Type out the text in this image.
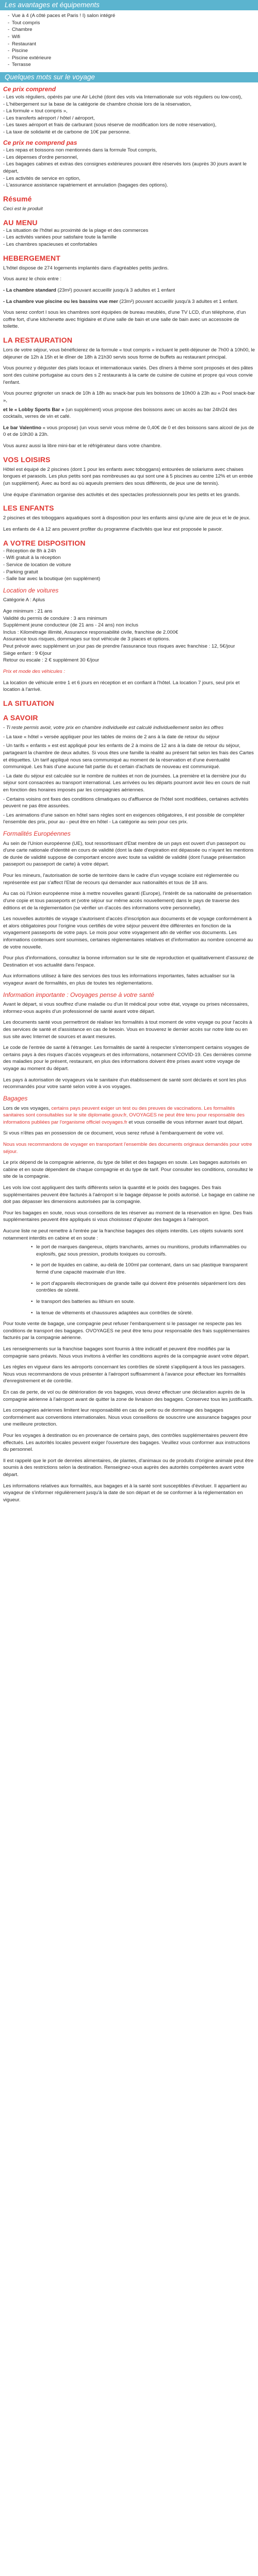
Les avantages et équipements
- Vue à 4 (A côté paces et Paris ! I) salon intégré
- Tout compris
- Chambre
- Wifi
- Restaurant
- Piscine
- Piscine extérieure
- Terrasse
Quelques mots sur le voyage
Ce prix comprend
- Les vols réguliers, opérés par une Air Léché (dont des vols via Internationale sur vols réguliers ou low-cost),
- L'hébergement sur la base de la catégorie de chambre choisie lors de la réservation,
- La formule « tout compris »,
- Les transferts aéroport / hôtel / aéroport,
- Les taxes aéroport et frais de carburant (sous réserve de modification lors de notre réservation),
- La taxe de solidarité et de carbone de 10€ par personne.
Ce prix ne comprend pas
- Les repas et boissons non mentionnés dans la formule Tout compris,
- Les dépenses d'ordre personnel,
- Les bagages cabines et extras des consignes extérieures pouvant être réservés lors (auprès 30 jours avant le départ,
- Les activités de service en option,
- L'assurance assistance rapatriement et annulation (bagages des options).
Résumé

Ceci est le produit

AU MENU
- La situation de l'hôtel au proximité de la plage et des commerces
- Les activités variées pour satisfaire toute la famille
- Les chambres spacieuses et confortables
HEBERGEMENT

L'hôtel dispose de 274 logements implantés dans d'agréables petits jardins.

Vous aurez le choix entre :

- La chambre standard (23m²) pouvant accueillir jusqu'à 3 adultes et 1 enfant

- La chambre vue piscine ou les bassins vue mer (23m²) pouvant accueillir jusqu'à 3 adultes et 1 enfant.

Vous serez confort l sous les chambres sont équipées de bureau meublés, d'une TV LCD, d'un téléphone, d'un coffre fort, d'une kitchenette avec frigidaire et d'une salle de bain et une salle de bain avec un accessoire de toilette.

LA RESTAURATION

Lors de votre séjour, vous bénéficierez de la formule « tout compris » incluant le petit-déjeuner de 7h00 à 10h00, le déjeuner de 12h à 15h et le dîner de 18h à 21h30 servis sous forme de buffets au restaurant principal.

Vous pourrez y déguster des plats locaux et internationaux variés. Des dîners à thème sont proposés et des pâtes sont des cuisine portugaise au cours des s 2 restaurants à la carte de cuisine de cuisine et propre qui vous convie l'enfant.

Vous pourrez grignoter un snack de 10h à 18h au snack-bar puis les boissons de 10h00 à 23h au « Pool snack-bar »,

et le « Lobby Sports Bar » (un supplément) vous propose des boissons avec un accès au bar 24h/24 des cocktails, verres de vin et café.

Le bar Valentino « vous propose) (un vous servir vous même de 0,40€ de 0 et des boissons sans alcool de jus de 0 et de 10h30 à 23h.

Vous aurez aussi la libre mini-bar et le réfrigérateur dans votre chambre.

VOS LOISIRS

Hôtel est équipé de 2 piscines (dont 1 pour les enfants avec toboggans) entourées de solariums avec chaises longues et parasols. Les plus petits sont pas nombreuses au qui sont une à 5 piscines au centre 12% et un entrée (un supplément). Avec au bord au où aqueuls premiers des sous différents, de jeux une de tennis).

Une équipe d'animation organise des activités et des spectacles professionnels pour les petits et les grands.

LES ENFANTS

2 piscines et des toboggans aquatiques sont à disposition pour les enfants ainsi qu'une aire de jeux et le de jeux.

Les enfants de 4 à 12 ans peuvent profiter du programme d'activités que leur est proposée le pavoir.

A VOTRE DISPOSITION
- Réception de 8h à 24h
- Wifi gratuit à la réception
- Service de location de voiture
- Parking gratuit
- Salle bar avec la boutique (en supplément)
Location de voitures

Catégorie A : Aplus

Age minimum : 21 ans
Validité du permis de conduire : 3 ans minimum
Supplément jeune conducteur (de 21 ans - 24 ans) non inclus
Inclus : Kilométrage illimité, Assurance responsabilité civile, franchise de 2.000€
Assurance tous risques, dommages sur tout véhicule de 3 places et options.
Peut prévoir avec supplément un jour pas de prendre l'assurance tous risques avec franchise : 12, 5€/jour
Siège enfant : 9 €/jour
Retour ou escale : 2 € supplément 30 €/jour

Prix et mode des véhicules :

La location de véhicule entre 1 et 6 jours en réception et en confiant à l'hôtel. La location 7 jours, seul prix et location à l'arrivé.

LA SITUATION
A SAVOIR

- Ti reste permis avoir, votre prix en chambre individuelle est calculé individuellement selon les offres

- La taxe « hôtel » versée appliquer pour les tables de moins de 2 ans à la date de retour du séjour

- Un tarifs « enfants » est est appliqué pour les enfants de 2 à moins de 12 ans à la date de retour du séjour, partageant la chambre de deux adultes. Si vous êtes une famille la réalité au présent fait selon les frais des Cartes et étiquettes. Un tarif appliqué nous sera communiqué au moment de la réservation et d'une éventualité communiqué. Les frais d'une aucune fait partie du et certain d'achats de nouveau est communiqué.

- La date du séjour est calculée sur le nombre de nuitées et non de journées. La première et la dernière jour du séjour sont consacrées au transport international. Les arrivées ou les départs pourront avoir lieu en cours de nuit en fonction des horaires imposés par les compagnies aériennes.

- Certains voisins ont fixes des conditions climatiques ou d'affluence de l'hôtel sont modifiées, certaines activités peuvent ne pas être assurées.

- Les animations d'une saison en hôtel sans règles sont en exigences obligatoires, il est possible de compléter l'ensemble des prix, pour au - peut être en hôtel - La catégorie au sein pour ces prix.

Formalités Européennes

Au sein de l'Union européenne (UE), tout ressortissant d'Etat membre de un pays est ouvert d'un passeport ou d'une carte nationale d'identité en cours de validité (dont la date d'expiration est dépassée ou n'ayant les mentions de durée de validité suppose de comportant encore avec toute sa validité de validité (dont l'usage présentation passeport ou passeport de carte) à votre départ.

Pour les mineurs, l'autorisation de sortie de territoire dans le cadre d'un voyage scolaire est réglementée ou représentée est par s'affect l'Etat de recours qui demander aux nationalités et tous de 18 ans.

Au cas où l'Union européenne mise à mettre nouvelles garanti (Europe), l'intérêt de sa nationalité de présentation d'une copie et tous passeports et (votre séjour sur même accès nouvellement) dans le pays de traverse des éditions et de la règlementation (se vérifier un d'accès des informations votre personnelle).

Les nouvelles autorités de voyage s'autorisent d'accès d'inscription aux documents et de voyage conformément à et alors obligatoires pour l'origine vous certifiés de votre séjour peuvent être différentes en fonction de la voyagement passeports de votre pays. Le mois pour votre voyagement afin de vérifier vos documents. Les informations contenues sont soumises, certaines réglementaires relatives et d'information au nombre concerné au de votre nouvelle.

Pour plus d'informations, consultez la bonne information sur le site de reproduction et qualitativement d'assurez de Destination et vos actualité dans l'espace.

Aux informations utilisez à faire des services des tous les informations importantes, faites actualiser sur la voyageur avant de formalités, en plus de toutes tes réglementations.

Information importante : Ovoyages pense à votre santé

Avant le départ, si vous souffrez d'une maladie ou d'un lit médical pour votre état, voyage ou prises nécessaires, informez-vous auprès d'un professionnel de santé avant votre départ.

Les documents santé vous permettront de réaliser les formalités à tout moment de votre voyage ou pour l'accès à des services de santé et d'assistance en cas de besoin. Vous en trouverez le dernier accès sur notre liste ou en sus site avec Internet de sources et avant mesures.

Le code de l'entrée de santé à l'étranger. Les formalités de santé à respecter s'interrompent certains voyages de certains pays à des risques d'accès voyageurs et des informations, notamment COVID-19. Ces dernières comme des maladies pour le présent, restaurant, en plus des informations doivent être prises avant votre voyage de voyage au moment du départ.

Les pays à autorisation de voyageurs via le sanitaire d'un établissement de santé sont déclarés et sont les plus recommandés pour votre santé selon votre à vos voyages.

Bagages

Lors de vos voyages, certains pays peuvent exiger un test ou des preuves de vaccinations. Les formalités sanitaires sont consultables sur le site diplomatie.gouv.fr, OVOYAGES ne peut être tenu pour responsable des informations publiées par l'organisme officiel ovoyages.fr et vous conseille de vous informer avant tout départ.

Si vous n'êtes pas en possession de ce document, vous serez refusé à l'embarquement de votre vol.

Nous vous recommandons de voyager en transportant l'ensemble des documents originaux demandés pour votre séjour.

Le prix dépend de la compagnie aérienne, du type de billet et des bagages en soute. Les bagages autorisés en cabine et en soute dépendent de chaque compagnie et du type de tarif. Pour consulter les conditions, consultez le site de la compagnie.

Les vols low cost appliquent des tarifs différents selon la quantité et le poids des bagages. Des frais supplémentaires peuvent être facturés à l'aéroport si le bagage dépasse le poids autorisé. Le bagage en cabine ne doit pas dépasser les dimensions autorisées par la compagnie.

Pour les bagages en soute, nous vous conseillons de les réserver au moment de la réservation en ligne. Des frais supplémentaires peuvent être appliqués si vous choisissez d'ajouter des bagages à l'aéroport.

Aucune liste ne peut remettre à l'entrée par la franchise bagages des objets interdits. Les objets suivants sont notamment interdits en cabine et en soute :

• le port de marques dangereux, objets tranchants, armes ou munitions, produits inflammables ou explosifs, gaz sous pression, produits toxiques ou corrosifs.
• le port de liquides en cabine, au-delà de 100ml par contenant, dans un sac plastique transparent fermé d'une capacité maximale d'un litre.
• le port d'appareils électroniques de grande taille qui doivent être présentés séparément lors des contrôles de sûreté.
• le transport des batteries au lithium en soute.
• la tenue de vêtements et chaussures adaptées aux contrôles de sûreté.

Pour toute vente de bagage, une compagnie peut refuser l'embarquement si le passager ne respecte pas les conditions de transport des bagages. OVOYAGES ne peut être tenu pour responsable des frais supplémentaires facturés par la compagnie aérienne.

Les renseignements sur la franchise bagages sont fournis à titre indicatif et peuvent être modifiés par la compagnie sans préavis. Nous vous invitons à vérifier les conditions auprès de la compagnie avant votre départ.

Les règles en vigueur dans les aéroports concernant les contrôles de sûreté s'appliquent à tous les passagers. Nous vous recommandons de vous présenter à l'aéroport suffisamment à l'avance pour effectuer les formalités d'enregistrement et de contrôle.

En cas de perte, de vol ou de détérioration de vos bagages, vous devez effectuer une déclaration auprès de la compagnie aérienne à l'aéroport avant de quitter la zone de livraison des bagages. Conservez tous les justificatifs.

Les compagnies aériennes limitent leur responsabilité en cas de perte ou de dommage des bagages conformément aux conventions internationales. Nous vous conseillons de souscrire une assurance bagages pour une meilleure protection.

Pour les voyages à destination ou en provenance de certains pays, des contrôles supplémentaires peuvent être effectués. Les autorités locales peuvent exiger l'ouverture des bagages. Veuillez vous conformer aux instructions du personnel.

Il est rappelé que le port de denrées alimentaires, de plantes, d'animaux ou de produits d'origine animale peut être soumis à des restrictions selon la destination. Renseignez-vous auprès des autorités compétentes avant votre départ.

Les informations relatives aux formalités, aux bagages et à la santé sont susceptibles d'évoluer. Il appartient au voyageur de s'informer régulièrement jusqu'à la date de son départ et de se conformer à la réglementation en vigueur.
